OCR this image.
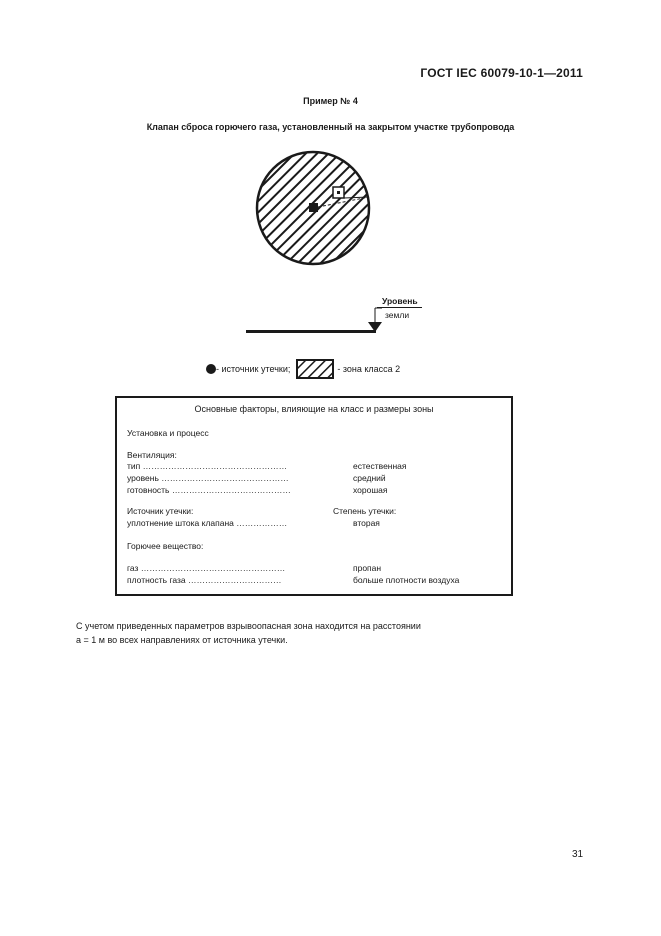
ГОСТ IEC 60079-10-1—2011
Пример № 4
Клапан сброса горючего газа, установленный на закрытом участке трубопровода
Уровень
земли
- источник утечки;	- зона класса 2
Основные факторы, влияющие на класс и размеры зоны
Установка и процесс
Вентиляция:
тип ……………………………………………	естественная
уровень ………………………………………	средний
готовность ……………………………………	хорошая
Источник утечки:	Степень утечки:
уплотнение штока клапана ………………	вторая
Горючее вещество:
газ ……………………………………………	пропан
плотность газа ……………………………	больше плотности воздуха
С учетом приведенных параметров взрывоопасная зона находится на расстоянии
a = 1 м во всех направлениях от источника утечки.
31
